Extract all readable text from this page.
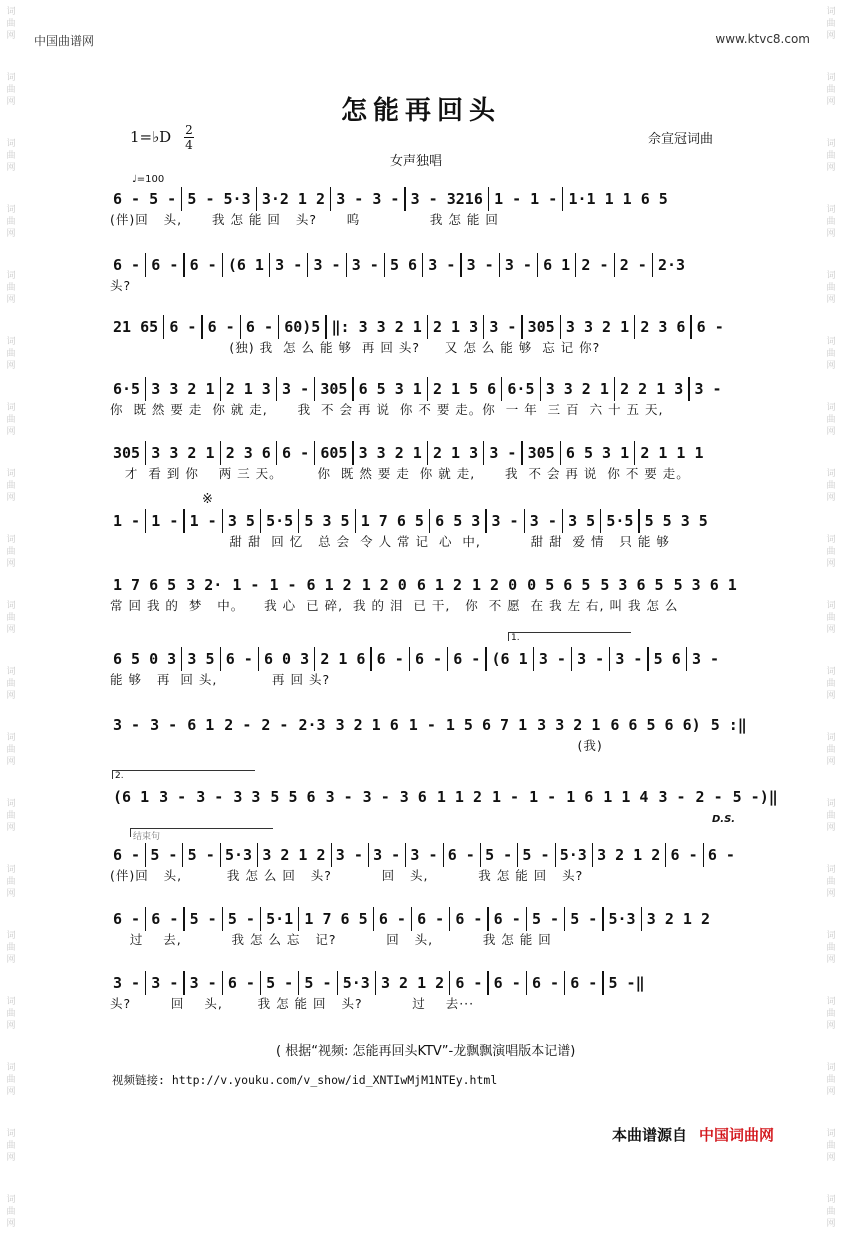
词
曲
网
词
曲
网
词
曲
网
词
曲
网
词
曲
网
词
曲
网
词
曲
网
词
曲
网
词
曲
网
词
曲
网
词
曲
网
词
曲
网
词
曲
网
词
曲
网
词
曲
网
词
曲
网
词
曲
网
词
曲
网
词
曲
网
词
曲
网
词
曲
网
词
曲
网
词
曲
网
词
曲
网
词
曲
网
词
曲
网
词
曲
网
词
曲
网
词
曲
网
词
曲
网
词
曲
网
词
曲
网
词
曲
网
词
曲
网
词
曲
网
词
曲
网
词
曲
网
词
曲
网
中国曲谱网	www.ktvc8.com
怎能再回头
1=♭D 2
4	佘宣冠词曲
女声独唱
♩=100
6 - 5 - 5 - 5·3 3·2 1 2 3 - 3 - 3 - 3216 1 - 1 - 1·1 1 1 6 5
(伴)回   头,      我 怎 能 回   头?      呜              我 怎 能 回
6 - 6 - 6 - (6 1 3 - 3 - 3 - 5 6 3 - 3 - 3 - 6 1 2 - 2 - 2·3
头?
21 65 6 - 6 - 6 - 60)5 ‖: 3 3 2 1 2 1 3 3 - 305 3 3 2 1 2 3 6 6 -
(独) 我  怎 么 能 够  再 回 头?     又 怎 么 能 够  忘 记 你?
6·5 3 3 2 1 2 1 3 3 - 305 6 5 3 1 2 1 5 6 6·5 3 3 2 1 2 2 1 3 3 -
你  既 然 要 走  你 就 走,      我  不 会 再 说  你 不 要 走。你  一 年  三 百  六 十 五 天,
305 3 3 2 1 2 3 6 6 - 605 3 3 2 1 2 1 3 3 - 305 6 5 3 1 2 1 1 1
才  看 到 你    两 三 天。       你  既 然 要 走  你 就 走,      我  不 会 再 说  你 不 要 走。
1 - 1 - 1 - 3 5 5·5 5 3 5 1 7 6 5 6 5 3 3 - 3 - 3 5 5·5 5 5 3 5
甜 甜  回 忆   总 会  令 人 常 记  心  中,          甜 甜  爱 情   只 能 够
1 7 6 5 3 2· 1 - 1 - 6 1 2 1 2 0 6 1 2 1 2 0 0 5 6 5 5 3 6 5 5 3 6 1
常 回 我 的  梦   中。    我 心  已 碎,  我 的 泪  已 干,   你  不 愿  在 我 左 右, 叫 我 怎 么
6 5 0 3 3 5 6 - 6 0 3 2 1 6 6 - 6 - 6 - (6 1 3 - 3 - 3 - 5 6 3 -
能 够   再  回 头,           再 回 头?
3 - 3 - 6 1 2 - 2 - 2·3 3 2 1 6 1 - 1 5 6 7 1 3 3 2 1 6 6 5 6 6) 5 :‖
(我)
(6 1 3 - 3 - 3 3 5 5 6 3 - 3 - 3 6 1 1 2 1 - 1 - 1 6 1 1 4 3 - 2 - 5 -)‖
6 - 5 - 5 - 5·3 3 2 1 2 3 - 3 - 3 - 6 - 5 - 5 - 5·3 3 2 1 2 6 - 6 -
(伴)回   头,         我 怎 么 回   头?          回   头,          我 怎 能 回   头?
6 - 6 - 5 - 5 - 5·1 1 7 6 5 6 - 6 - 6 - 6 - 5 - 5 - 5·3 3 2 1 2
过    去,          我 怎 么 忘   记?          回   头,          我 怎 能 回
3 - 3 - 3 - 6 - 5 - 5 - 5·3 3 2 1 2 6 - 6 - 6 - 6 - 5 -‖
头?        回    头,       我 怎 能 回   头?          过    去···
※
1.
2.
D.S.
结束句
( 根据“视频: 怎能再回头KTV”-龙飘飘演唱版本记谱)
视频链接: http://v.youku.com/v_show/id_XNTIwMjM1NTEy.html
本曲谱源自 中国词曲网
